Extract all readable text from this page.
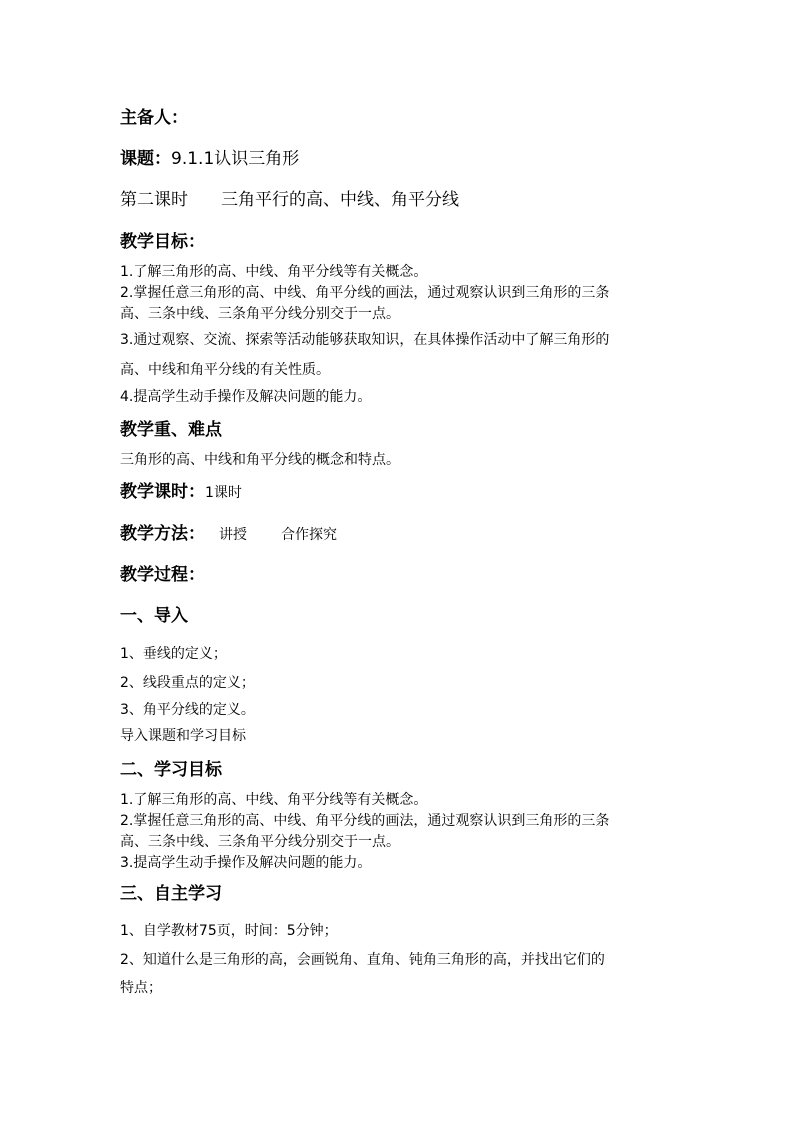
主备人：
课题：9.1.1认识三角形
第二课时 三角平行的高、中线、角平分线
教学目标：
1.了解三角形的高、中线、角平分线等有关概念。
2.掌握任意三角形的高、中线、角平分线的画法，通过观察认识到三角形的三条
高、三条中线、三条角平分线分别交于一点。
3.通过观察、交流、探索等活动能够获取知识，在具体操作活动中了解三角形的
高、中线和角平分线的有关性质。
4.提高学生动手操作及解决问题的能力。
教学重、难点
三角形的高、中线和角平分线的概念和特点。
教学课时：1课时
教学方法： 讲授 合作探究
教学过程：
一、导入
1、垂线的定义；
2、线段重点的定义；
3、角平分线的定义。
导入课题和学习目标
二、学习目标
1.了解三角形的高、中线、角平分线等有关概念。
2.掌握任意三角形的高、中线、角平分线的画法，通过观察认识到三角形的三条
高、三条中线、三条角平分线分别交于一点。
3.提高学生动手操作及解决问题的能力。
三、自主学习
1、自学教材75页，时间：5分钟；
2、知道什么是三角形的高，会画锐角、直角、钝角三角形的高，并找出它们的
特点；
